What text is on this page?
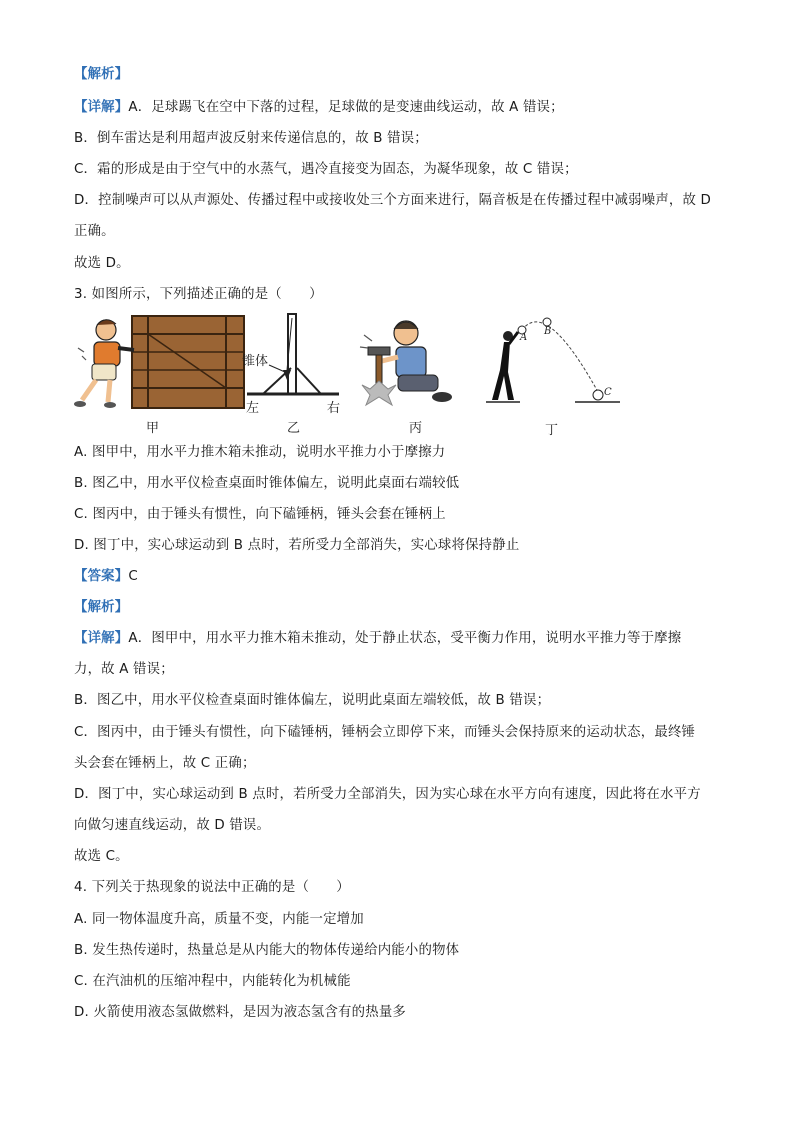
【解析】
【详解】A．足球踢飞在空中下落的过程，足球做的是变速曲线运动，故 A 错误；
B．倒车雷达是利用超声波反射来传递信息的，故 B 错误；
C．霜的形成是由于空气中的水蒸气，遇冷直接变为固态，为凝华现象，故 C 错误；
D．控制噪声可以从声源处、传播过程中或接收处三个方面来进行，隔音板是在传播过程中减弱噪声，故 D
正确。
故选 D。
3. 如图所示，下列描述正确的是（　　）
甲
锥体
左	右
乙	丙
A
B
C
丁
A. 图甲中，用水平力推木箱未推动，说明水平推力小于摩擦力
B. 图乙中，用水平仪检查桌面时锥体偏左，说明此桌面右端较低
C. 图丙中，由于锤头有惯性，向下磕锤柄，锤头会套在锤柄上
D. 图丁中，实心球运动到 B 点时，若所受力全部消失，实心球将保持静止
【答案】C
【解析】
【详解】A．图甲中，用水平力推木箱未推动，处于静止状态，受平衡力作用，说明水平推力等于摩擦
力，故 A 错误；
B．图乙中，用水平仪检查桌面时锥体偏左，说明此桌面左端较低，故 B 错误；
C．图丙中，由于锤头有惯性，向下磕锤柄，锤柄会立即停下来，而锤头会保持原来的运动状态，最终锤
头会套在锤柄上，故 C 正确；
D．图丁中，实心球运动到 B 点时，若所受力全部消失，因为实心球在水平方向有速度，因此将在水平方
向做匀速直线运动，故 D 错误。
故选 C。
4. 下列关于热现象的说法中正确的是（　　）
A. 同一物体温度升高，质量不变，内能一定增加
B. 发生热传递时，热量总是从内能大的物体传递给内能小的物体
C. 在汽油机的压缩冲程中，内能转化为机械能
D. 火箭使用液态氢做燃料，是因为液态氢含有的热量多
